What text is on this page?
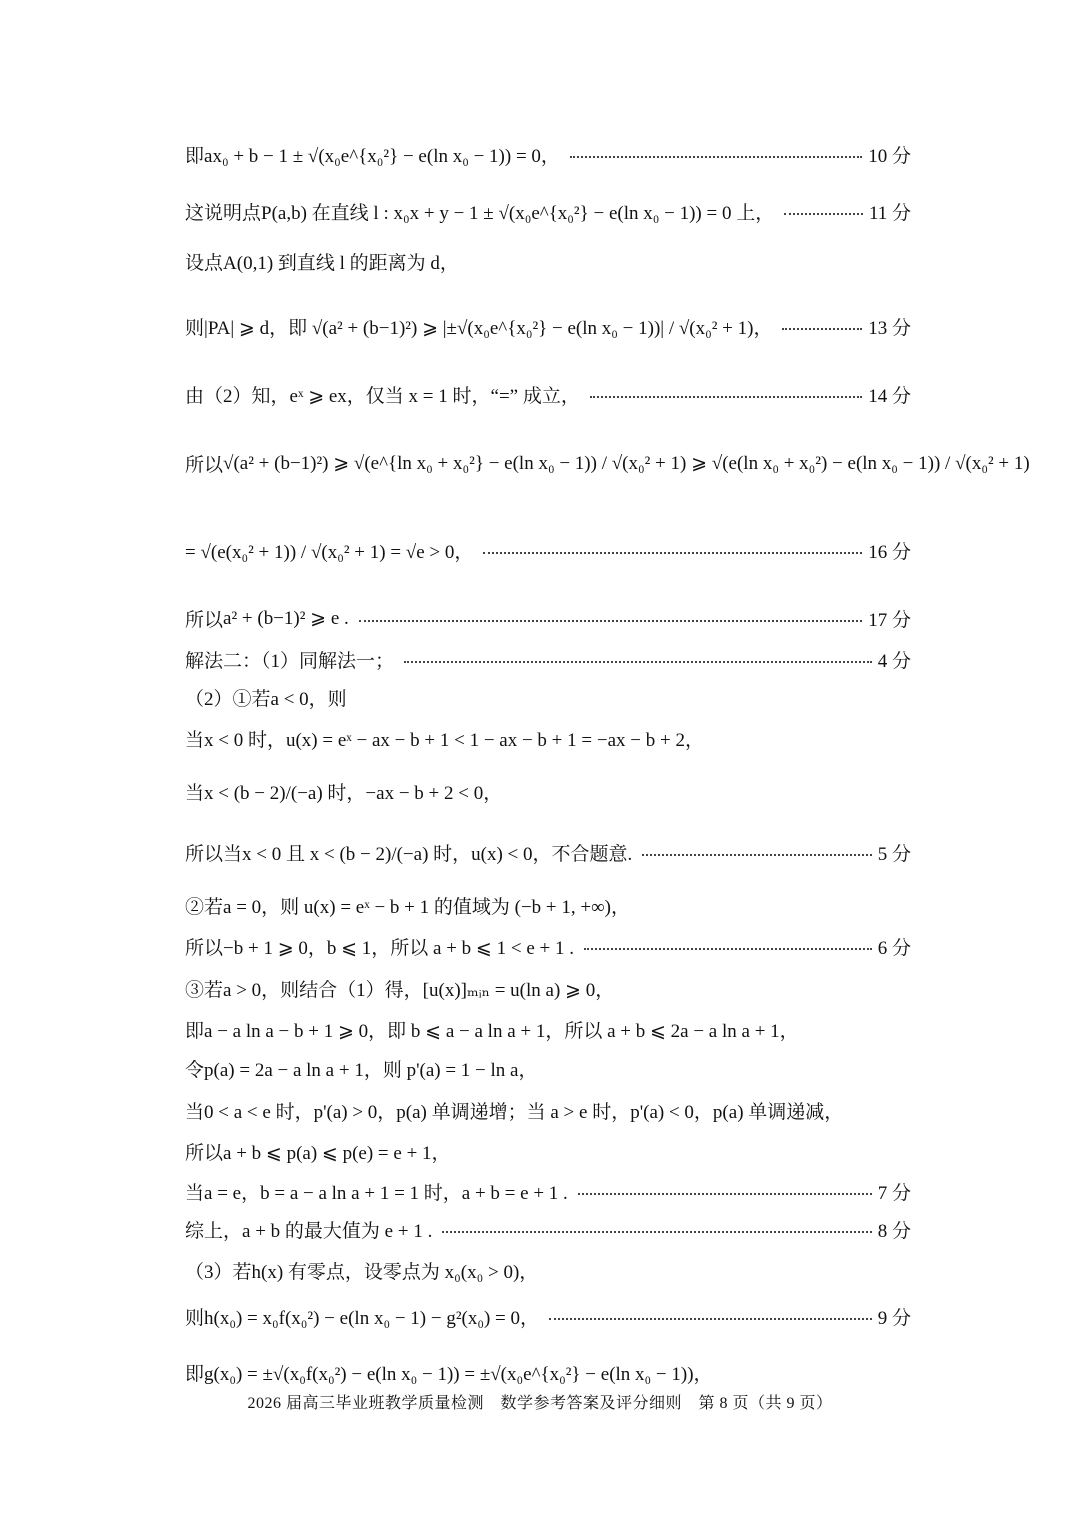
即 ax₀ + b − 1 ± √(x₀e^{x₀²} − e(ln x₀ − 1)) = 0，	10 分
这说明点 P(a,b) 在直线 l : x₀x + y − 1 ± √(x₀e^{x₀²} − e(ln x₀ − 1)) = 0 上，	11 分
设点 A(0,1) 到直线 l 的距离为 d，
则 |PA| ⩾ d，即 √(a² + (b−1)²) ⩾ |±√(x₀e^{x₀²} − e(ln x₀ − 1))| / √(x₀² + 1)，	13 分
由（2）知， eˣ ⩾ ex，仅当 x = 1 时，“=” 成立，	14 分
所以 √(a² + (b−1)²) ⩾ √(e^{ln x₀ + x₀²} − e(ln x₀ − 1)) / √(x₀² + 1) ⩾ √(e(ln x₀ + x₀²) − e(ln x₀ − 1)) / √(x₀² + 1)
= √(e(x₀² + 1)) / √(x₀² + 1) = √e > 0，	16 分
所以 a² + (b−1)² ⩾ e .	17 分
解法二：（1）同解法一；	4 分
（2）①若 a < 0，则
当 x < 0 时，u(x) = eˣ − ax − b + 1 < 1 − ax − b + 1 = −ax − b + 2，
当 x < (b − 2)/(−a) 时，−ax − b + 2 < 0，
所以当 x < 0 且 x < (b − 2)/(−a) 时，u(x) < 0，不合题意.	5 分
②若 a = 0，则 u(x) = eˣ − b + 1 的值域为 (−b + 1, +∞)，
所以 −b + 1 ⩾ 0，b ⩽ 1，所以 a + b ⩽ 1 < e + 1 .	6 分
③若 a > 0，则结合（1）得，[u(x)]ₘᵢₙ = u(ln a) ⩾ 0，
即 a − a ln a − b + 1 ⩾ 0，即 b ⩽ a − a ln a + 1，所以 a + b ⩽ 2a − a ln a + 1，
令 p(a) = 2a − a ln a + 1，则 p'(a) = 1 − ln a，
当 0 < a < e 时，p'(a) > 0，p(a) 单调递增；当 a > e 时，p'(a) < 0，p(a) 单调递减，
所以 a + b ⩽ p(a) ⩽ p(e) = e + 1，
当 a = e，b = a − a ln a + 1 = 1 时，a + b = e + 1 .	7 分
综上， a + b 的最大值为 e + 1 .	8 分
（3）若 h(x) 有零点，设零点为 x₀(x₀ > 0)，
则 h(x₀) = x₀f(x₀²) − e(ln x₀ − 1) − g²(x₀) = 0，	9 分
即 g(x₀) = ±√(x₀f(x₀²) − e(ln x₀ − 1)) = ±√(x₀e^{x₀²} − e(ln x₀ − 1))，
2026 届高三毕业班教学质量检测　数学参考答案及评分细则　第 8 页（共 9 页）
